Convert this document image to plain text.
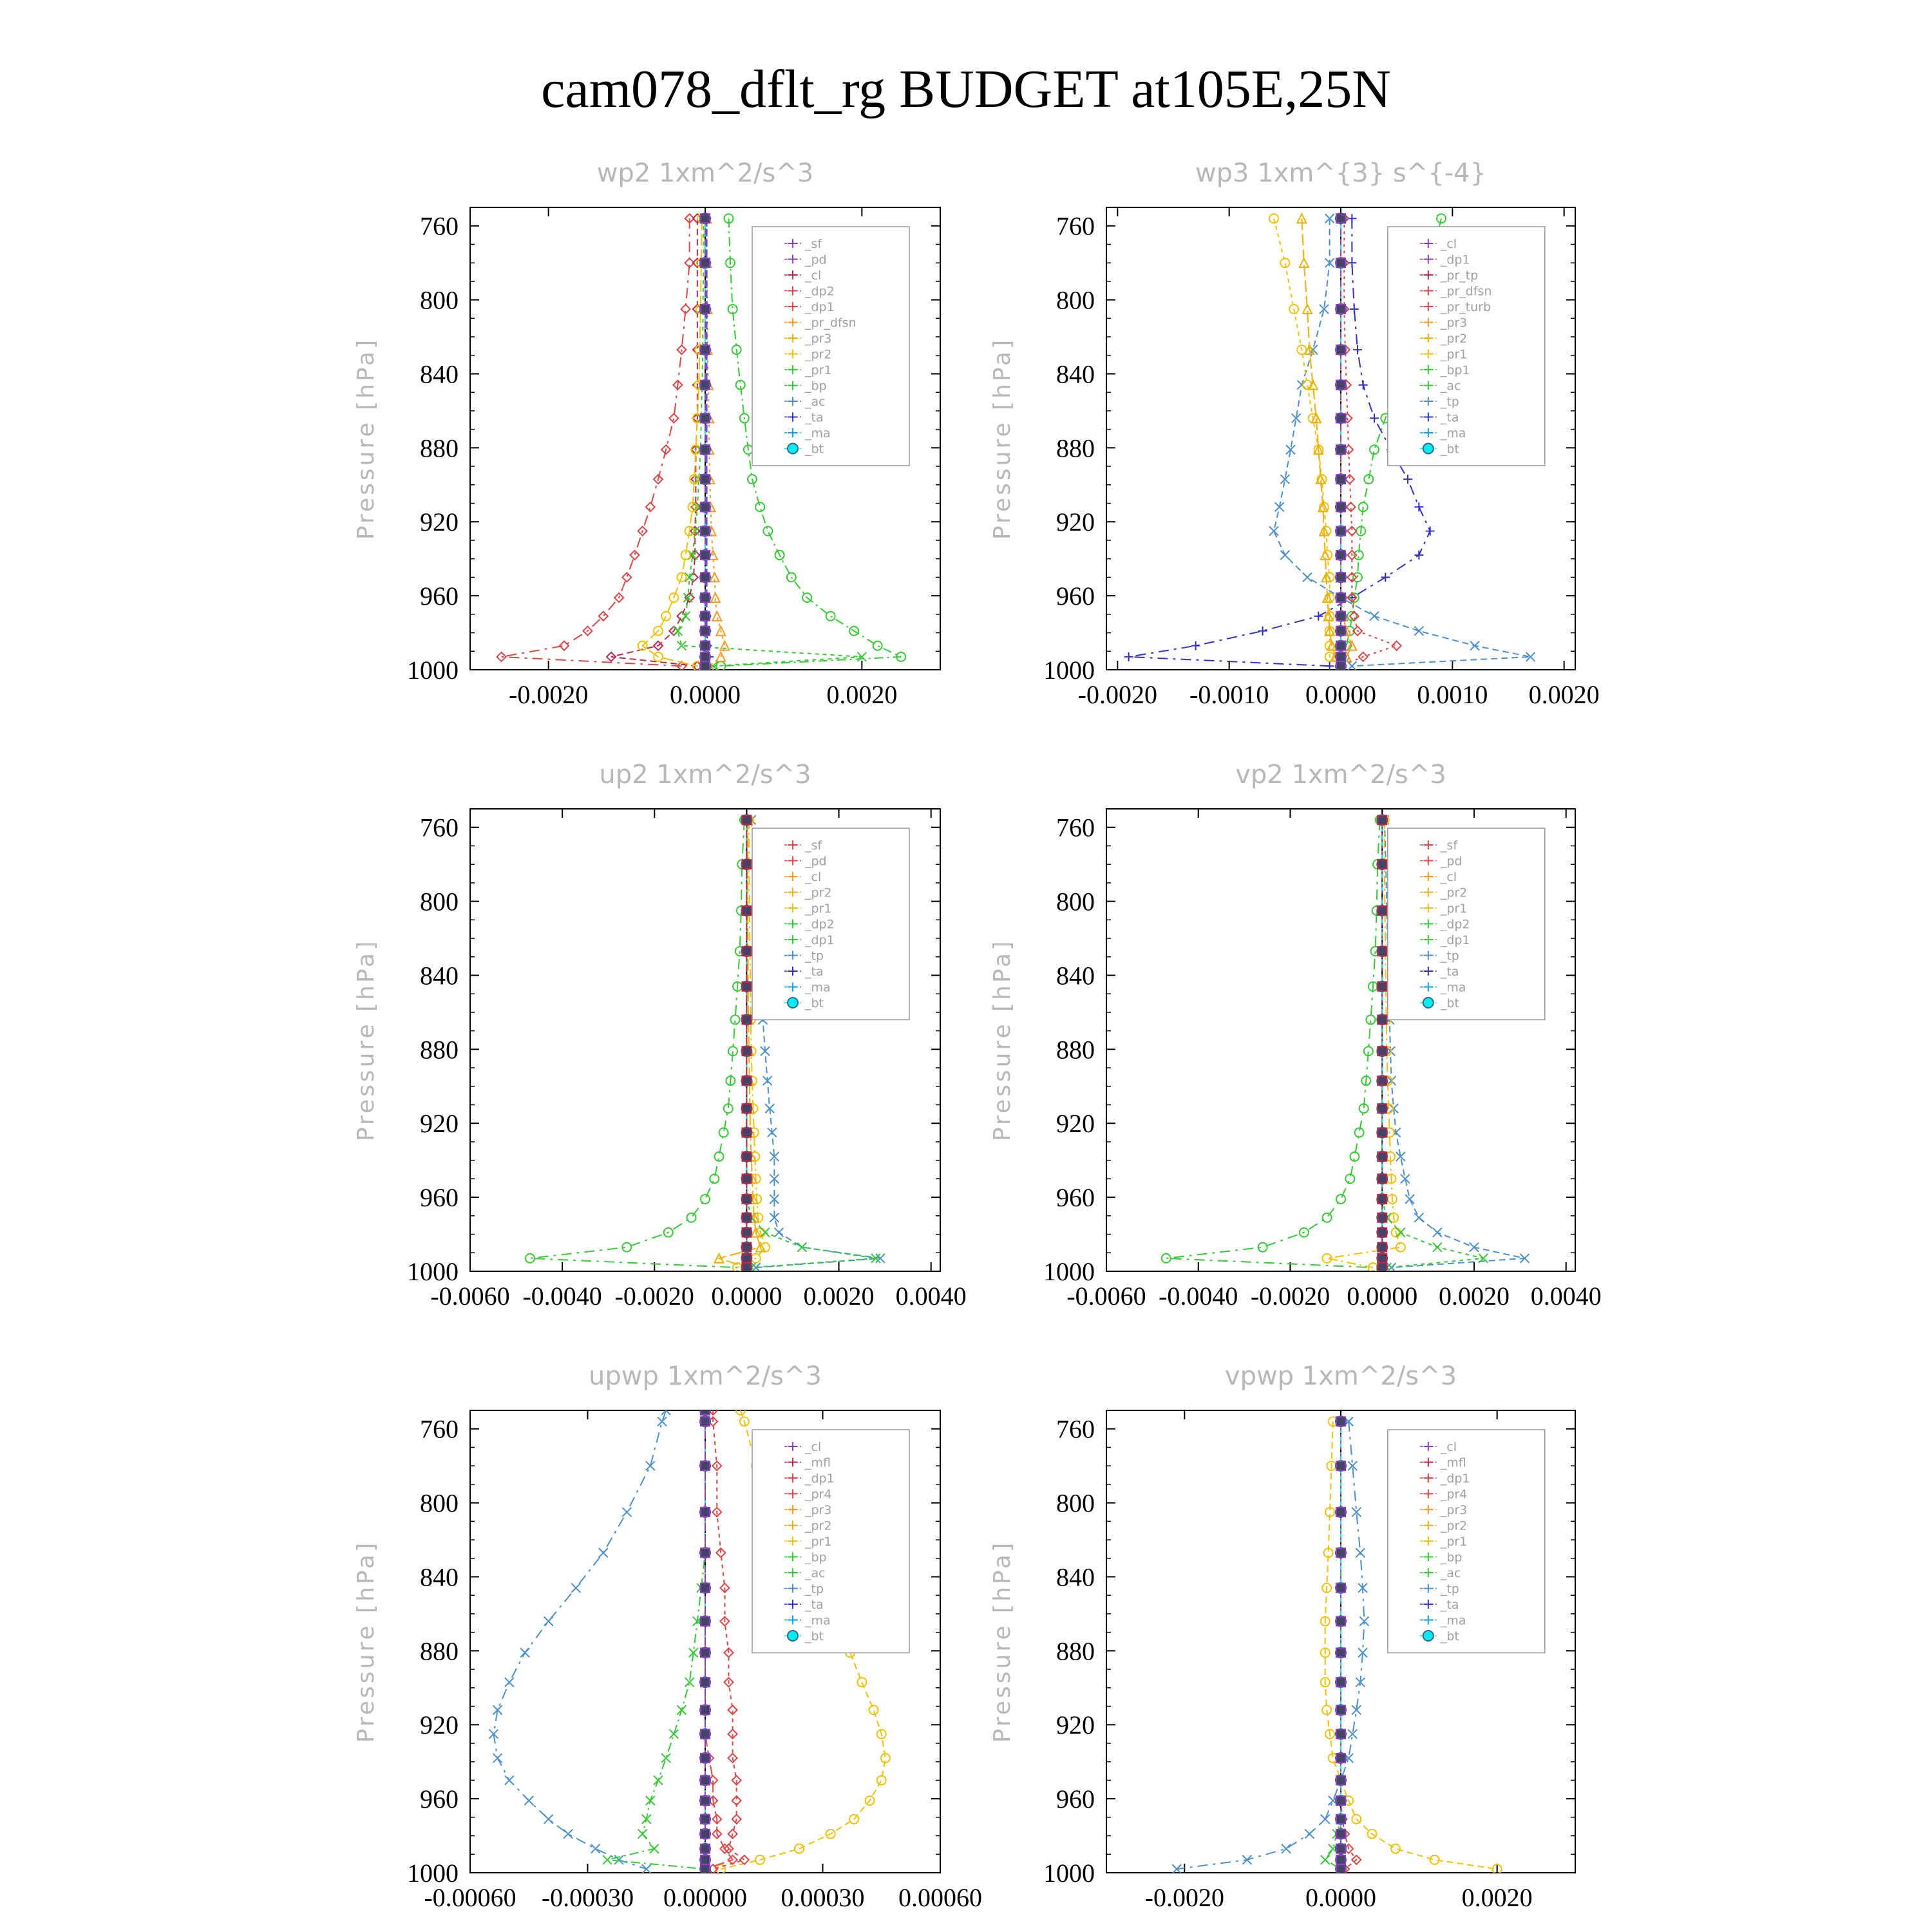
cam078_dflt_rg BUDGET at105E,25N
wp2 1xm^2/s^3
Pressure [hPa]
760
800
840
880
920
960
1000
-0.0020	0.0000	0.0020
_sf
_pd
_cl
_dp2
_dp1
_pr_dfsn
_pr3
_pr2
_pr1
_bp
_ac
_ta
_ma
_bt
wp3 1xm^{3} s^{-4}
Pressure [hPa]
760
800
840
880
920
960
1000
-0.0020 -0.0010 0.0000 0.0010 0.0020
_cl
_dp1
_pr_tp
_pr_dfsn
_pr_turb
_pr3
_pr2
_pr1
_bp1
_ac
_tp
_ta
_ma
_bt
up2 1xm^2/s^3
Pressure [hPa]
760
800
840
880
920
960
1000
-0.0060 -0.0040 -0.0020 0.0000 0.0020 0.0040
_sf
_pd
_cl
_pr2
_pr1
_dp2
_dp1
_tp
_ta
_ma
_bt
vp2 1xm^2/s^3
Pressure [hPa]
760
800
840
880
920
960
1000
-0.0060 -0.0040 -0.0020 0.0000 0.0020 0.0040
_sf
_pd
_cl
_pr2
_pr1
_dp2
_dp1
_tp
_ta
_ma
_bt
upwp 1xm^2/s^3
Pressure [hPa]
760
800
840
880
920
960
1000
-0.00060 -0.00030 0.00000 0.00030 0.00060
_cl
_mfl
_dp1
_pr4
_pr3
_pr2
_pr1
_bp
_ac
_tp
_ta
_ma
_bt
vpwp 1xm^2/s^3
Pressure [hPa]
760
800
840
880
920
960
1000
-0.0020	0.0000	0.0020
_cl
_mfl
_dp1
_pr4
_pr3
_pr2
_pr1
_bp
_ac
_tp
_ta
_ma
_bt
